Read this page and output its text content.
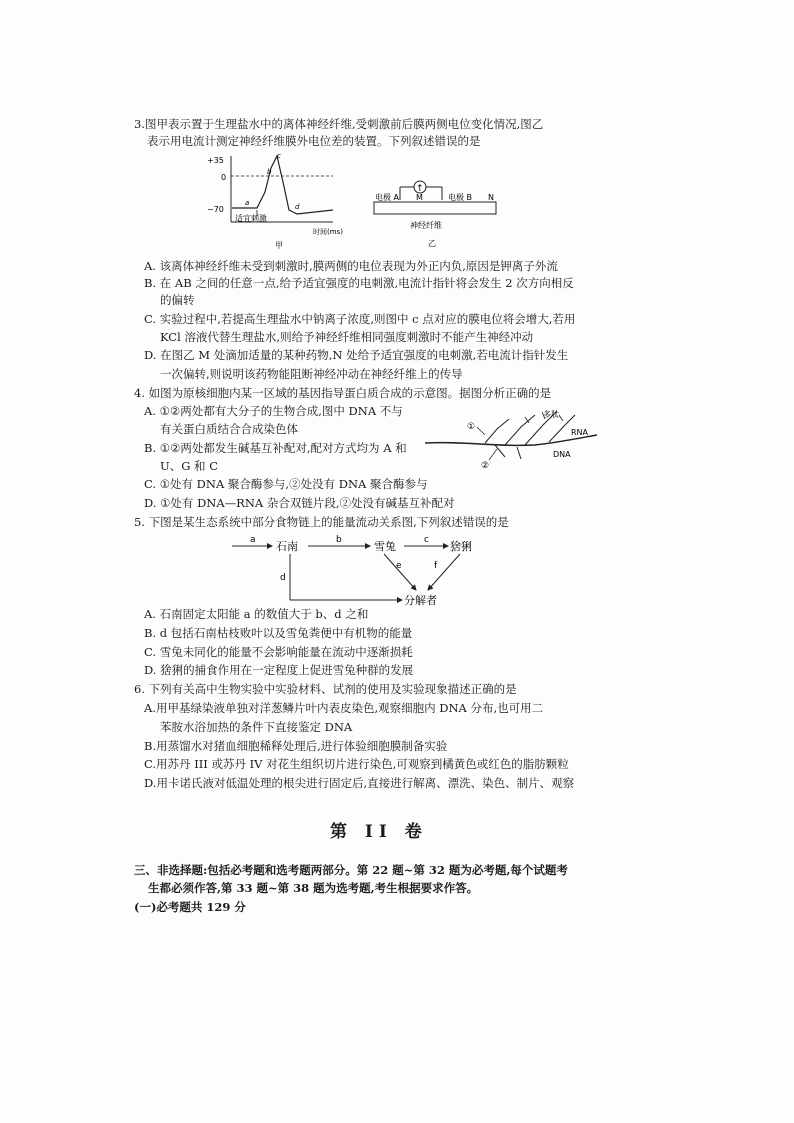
3.图甲表示置于生理盐水中的离体神经纤维,受刺激前后膜两侧电位变化情况,图乙
表示用电流计测定神经纤维膜外电位差的装置。下列叙述错误的是
+35
0
−70
a
b
c
d
适宜刺激
时间(ms)
甲
↑
电极 A M	电极 B N
神经纤维
乙
A. 该离体神经纤维未受到刺激时,膜两侧的电位表现为外正内负,原因是钾离子外流
B. 在 AB 之间的任意一点,给予适宜强度的电刺激,电流计指针将会发生 2 次方向相反
的偏转
C. 实验过程中,若提高生理盐水中钠离子浓度,则图中 c 点对应的膜电位将会增大,若用
KCl 溶液代替生理盐水,则给予神经纤维相同强度刺激时不能产生神经冲动
D. 在图乙 M 处滴加适量的某种药物,N 处给予适宜强度的电刺激,若电流计指针发生
一次偏转,则说明该药物能阻断神经冲动在神经纤维上的传导
4. 如图为原核细胞内某一区域的基因指导蛋白质合成的示意图。据图分析正确的是
A. ①②两处都有大分子的生物合成,图中 DNA 不与
有关蛋白质结合合成染色体
B. ①②两处都发生碱基互补配对,配对方式均为 A 和
U、G 和 C
C. ①处有 DNA 聚合酶参与,②处没有 DNA 聚合酶参与
D. ①处有 DNA—RNA 杂合双链片段,②处没有碱基互补配对
①
②
多肽
RNA
DNA
5. 下图是某生态系统中部分食物链上的能量流动关系图,下列叙述错误的是
a 石南	b	雪兔	c 猞猁
d
e	f
分解者
A. 石南固定太阳能 a 的数值大于 b、d 之和
B. d 包括石南枯枝败叶以及雪兔粪便中有机物的能量
C. 雪兔未同化的能量不会影响能量在流动中逐渐损耗
D. 猞猁的捕食作用在一定程度上促进雪兔种群的发展
6. 下列有关高中生物实验中实验材料、试剂的使用及实验现象描述正确的是
A.用甲基绿染液单独对洋葱鳞片叶内表皮染色,观察细胞内 DNA 分布,也可用二
苯胺水浴加热的条件下直接鉴定 DNA
B.用蒸馏水对猪血细胞稀释处理后,进行体验细胞膜制备实验
C.用苏丹 III 或苏丹 IV 对花生组织切片进行染色,可观察到橘黄色或红色的脂肪颗粒
D.用卡诺氏液对低温处理的根尖进行固定后,直接进行解离、漂洗、染色、制片、观察
第 II 卷
三、非选择题:包括必考题和选考题两部分。第 22 题~第 32 题为必考题,每个试题考
生都必须作答,第 33 题~第 38 题为选考题,考生根据要求作答。
(一)必考题共 129 分
